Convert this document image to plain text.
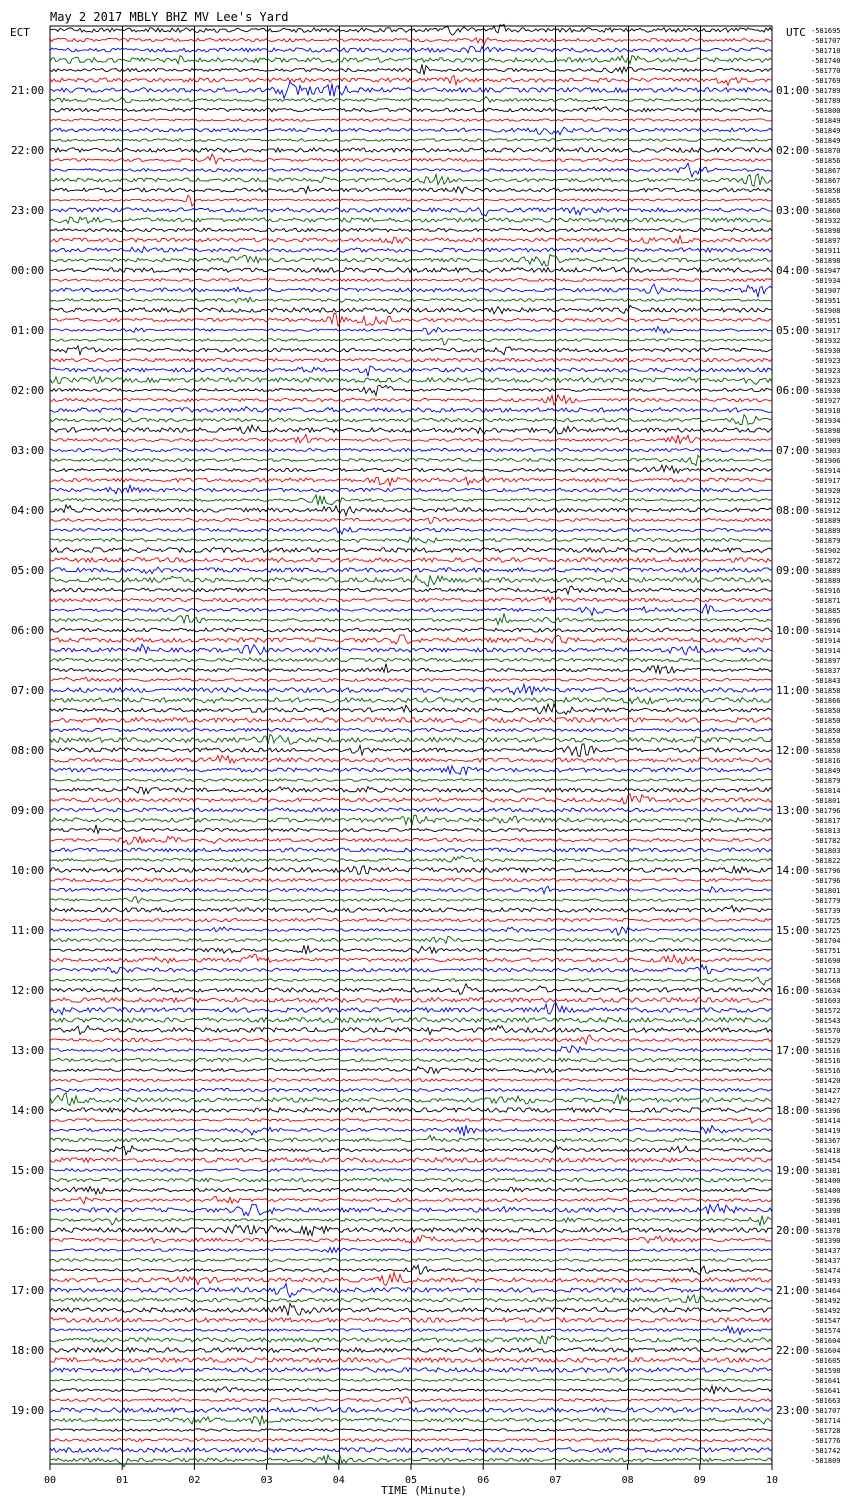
May 2 2017 MBLY BHZ MV Lee's Yard
ECT	UTC
21:00
22:00
23:00
00:00
01:00
02:00
03:00
04:00
05:00
06:00
07:00
08:00
09:00
10:00
11:00
12:00
13:00
14:00
15:00
16:00
17:00
18:00
19:00
01:00
02:00
03:00
04:00
05:00
06:00
07:00
08:00
09:00
10:00
11:00
12:00
13:00
14:00
15:00
16:00
17:00
18:00
19:00
20:00
21:00
22:00
23:00
-581695
-581707
-581710
-581740
-581770
-581769
-581789
-581789
-581800
-581849
-581849
-581849
-581870
-581856
-581867
-581867
-581858
-581865
-581860
-581932
-581898
-581897
-581911
-581898
-581947
-581934
-581907
-581951
-581908
-581951
-581917
-581932
-581930
-581923
-581923
-581923
-581930
-581927
-581918
-581934
-581898
-581909
-581903
-581906
-581914
-581917
-581920
-581912
-581912
-581889
-581889
-581879
-581902
-581872
-581889
-581889
-581916
-581871
-581885
-581896
-581914
-581914
-581914
-581897
-581837
-581843
-581858
-581866
-581850
-581850
-581850
-581850
-581850
-581816
-581849
-581879
-581814
-581801
-581796
-581817
-581813
-581782
-581803
-581822
-581796
-581796
-581801
-581779
-581739
-581725
-581725
-581704
-581751
-581690
-581713
-581568
-581634
-581603
-581572
-581543
-581570
-581529
-581516
-581516
-581516
-581420
-581427
-581427
-581396
-581414
-581419
-581367
-581418
-581454
-581381
-581400
-581400
-581396
-581398
-581401
-581378
-581390
-581437
-581437
-581474
-581493
-581464
-581492
-581492
-581547
-581574
-581604
-581604
-581605
-581598
-581641
-581641
-581663
-581707
-581714
-581728
-581776
-581742
-581809
00	01	02	03	04	05	06	07	08	09	10
TIME (Minute)
